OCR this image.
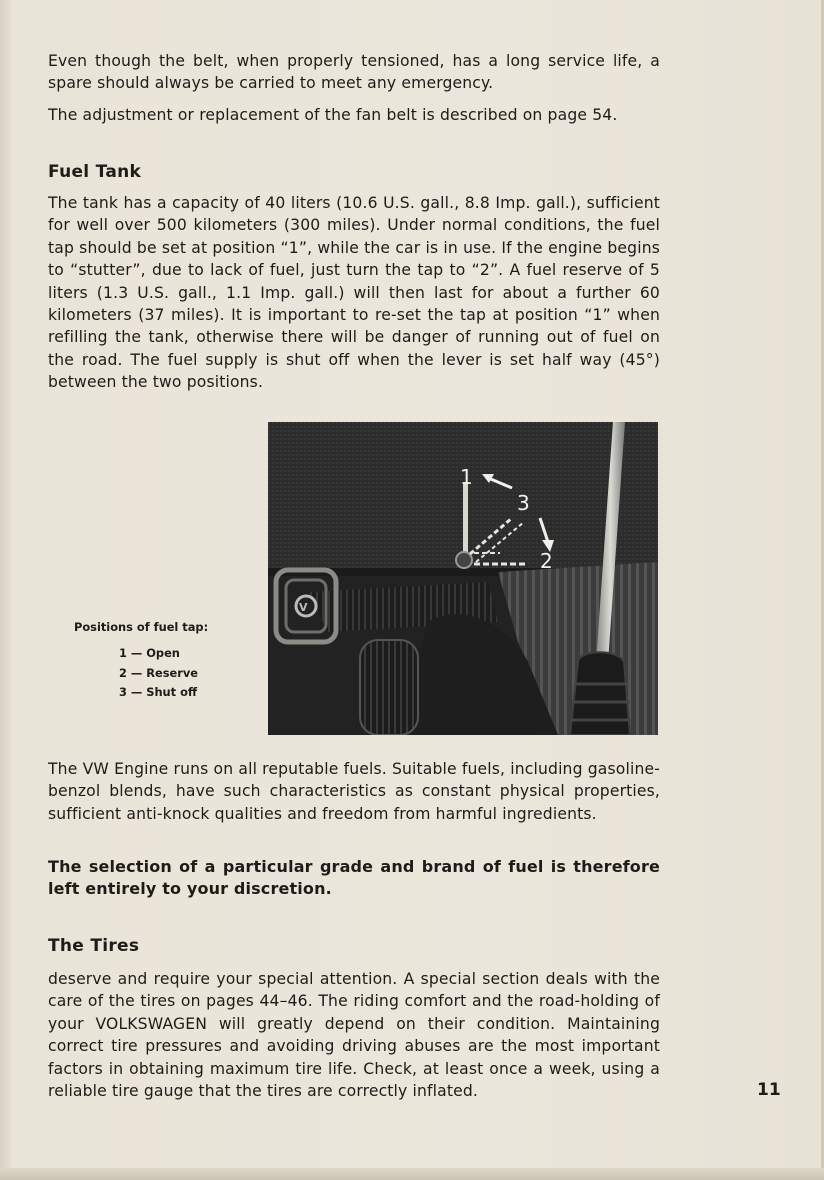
Even though the belt, when properly tensioned, has a long service life, a spare should always be carried to meet any emergency.

The adjustment or replacement of the fan belt is described on page 54.

Fuel Tank

The tank has a capacity of 40 liters (10.6 U.S. gall., 8.8 Imp. gall.), sufficient for well over 500 kilometers (300 miles). Under normal conditions, the fuel tap should be set at position “1”, while the car is in use. If the engine begins to “stutter”, due to lack of fuel, just turn the tap to “2”. A fuel reserve of 5 liters (1.3 U.S. gall., 1.1 Imp. gall.) will then last for about a further 60 kilometers (37 miles). It is important to re-set the tap at position “1” when refilling the tank, otherwise there will be danger of running out of fuel on the road. The fuel supply is shut off when the lever is set half way (45°) between the two positions.

Positions of fuel tap:

1 — Open

2 — Reserve

3 — Shut off

V
1
3
2

The VW Engine runs on all reputable fuels. Suitable fuels, including gasoline-benzol blends, have such characteristics as constant physical properties, sufficient anti-knock qualities and freedom from harmful ingredients.

The selection of a particular grade and brand of fuel is therefore left entirely to your discretion.

The Tires

deserve and require your special attention. A special section deals with the care of the tires on pages 44–46. The riding comfort and the road-holding of your VOLKSWAGEN will greatly depend on their condition. Maintaining correct tire pressures and avoiding driving abuses are the most important factors in obtaining maximum tire life. Check, at least once a week, using a reliable tire gauge that the tires are correctly inflated.	11
